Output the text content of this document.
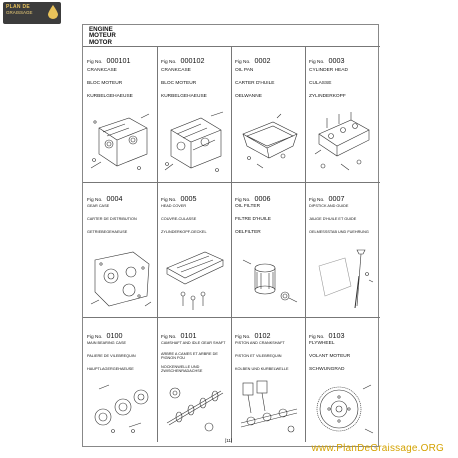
PLAN DE
GRAISSAGE
ENGINE
MOTEUR
MOTOR
Fig No. 000101
CRANKCASE
BLOC MOTEUR
KURBELGEHAEUSE
Fig No. 000102
CRANKCASE
BLOC MOTEUR
KURBELGEHAEUSE
Fig No. 0002
OIL PAN
CARTER D'HUILE
OELWANNE
Fig No. 0003
CYLINDER HEAD
CULASSE
ZYLINDERKOPF
Fig No. 0004
GEAR CASE
CARTER DE DISTRIBUTION
GETRIEBEGEHAEUSE
Fig No. 0005
HEAD COVER
COUVRE-CULASSE
ZYLINDERKOPF-DECKEL
Fig No. 0006
OIL FILTER
FILTRE D'HUILE
OELFILTER
Fig No. 0007
DIPSTICK AND GUIDE
JAUGE D'HUILE ET GUIDE
OELMESSSTAB UND FUEHRUNG
Fig No. 0100
MAIN BEARING CASE
PALIERE DE VILEBREQUIN
HAUPTLAGERGEHAEUSE
Fig No. 0101
CAMSHAFT AND IDLE GEAR SHAFT
ARBRE A CAMES ET ARBRE DE PIGNON FOU
NOCKENWELLE UND ZWISCHENRADACHSE
Fig No. 0102
PISTON AND CRANKSHAFT
PISTON ET VILEBREQUIN
KOLBEN UND KURBELWELLE
Fig No. 0103
FLYWHEEL
VOLANT MOTEUR
SCHWUNGRAD
[11]
www.PlanDeGraissage.ORG
